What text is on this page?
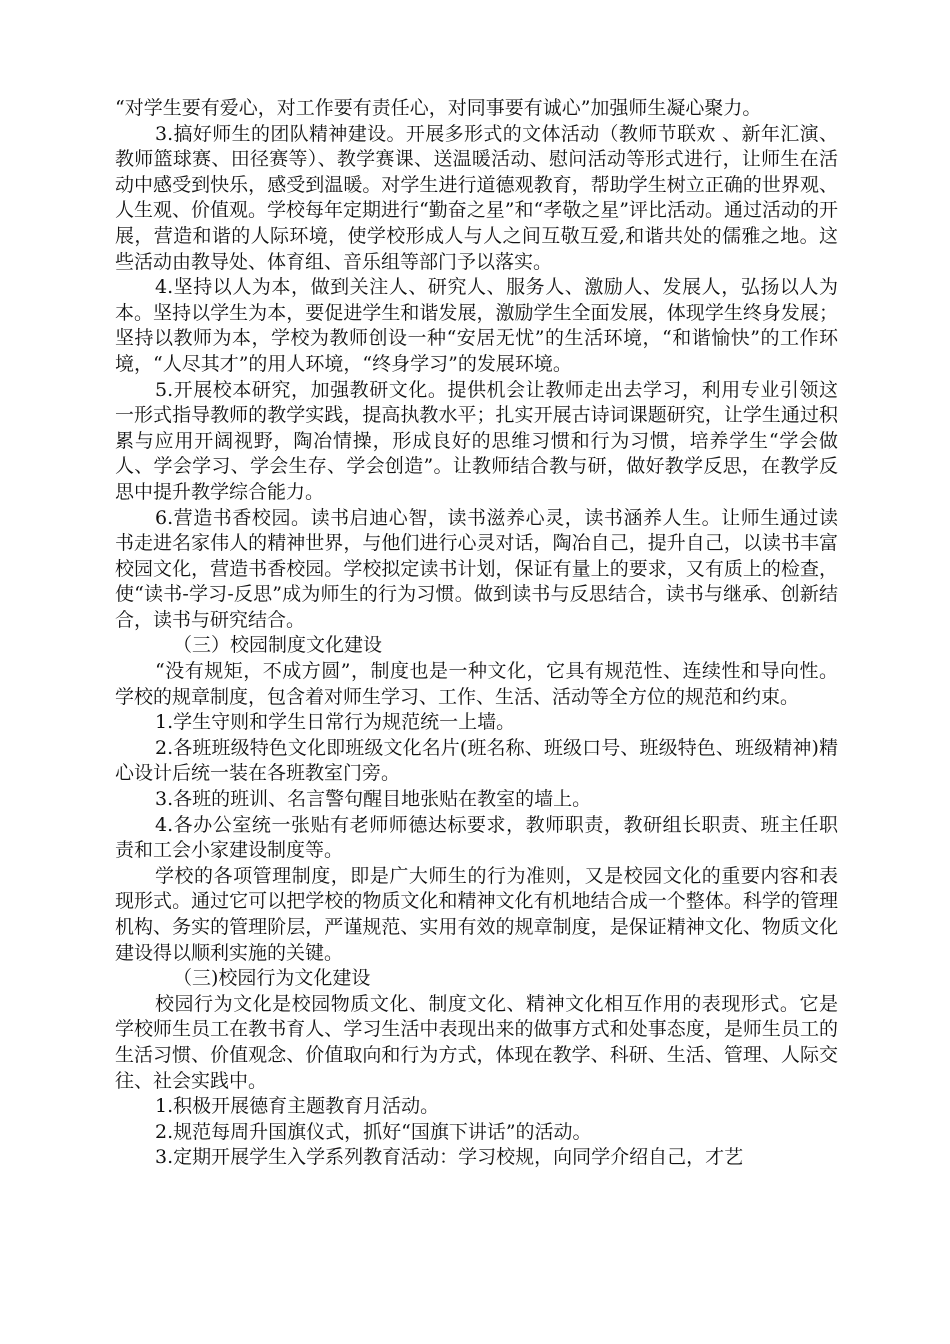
“对学生要有爱心，对工作要有责任心，对同事要有诚心”加强师生凝心聚力。

3.搞好师生的团队精神建设。开展多形式的文体活动（教师节联欢 、新年汇演、教师篮球赛、田径赛等）、教学赛课、送温暖活动、慰问活动等形式进行，让师生在活动中感受到快乐，感受到温暖。对学生进行道德观教育，帮助学生树立正确的世界观、人生观、价值观。学校每年定期进行“勤奋之星”和“孝敬之星”评比活动。通过活动的开展，营造和谐的人际环境，使学校形成人与人之间互敬互爱,和谐共处的儒雅之地。这些活动由教导处、体育组、音乐组等部门予以落实。

4.坚持以人为本，做到关注人、研究人、服务人、激励人、发展人，弘扬以人为本。坚持以学生为本，要促进学生和谐发展，激励学生全面发展，体现学生终身发展；坚持以教师为本，学校为教师创设一种“安居无忧”的生活环境，“和谐愉快”的工作环境，“人尽其才”的用人环境，“终身学习”的发展环境。

5.开展校本研究，加强教研文化。提供机会让教师走出去学习，利用专业引领这一形式指导教师的教学实践，提高执教水平；扎实开展古诗词课题研究，让学生通过积累与应用开阔视野，陶冶情操，形成良好的思维习惯和行为习惯，培养学生“学会做人、学会学习、学会生存、学会创造”。让教师结合教与研，做好教学反思，在教学反思中提升教学综合能力。

6.营造书香校园。读书启迪心智，读书滋养心灵，读书涵养人生。让师生通过读书走进名家伟人的精神世界，与他们进行心灵对话，陶冶自己，提升自己，以读书丰富校园文化，营造书香校园。学校拟定读书计划，保证有量上的要求，又有质上的检查，使“读书-学习-反思”成为师生的行为习惯。做到读书与反思结合，读书与继承、创新结合，读书与研究结合。

（三）校园制度文化建设

“没有规矩，不成方圆”，制度也是一种文化，它具有规范性、连续性和导向性。学校的规章制度，包含着对师生学习、工作、生活、活动等全方位的规范和约束。

1.学生守则和学生日常行为规范统一上墙。

2.各班班级特色文化即班级文化名片(班名称、班级口号、班级特色、班级精神)精心设计后统一装在各班教室门旁。

3.各班的班训、名言警句醒目地张贴在教室的墙上。

4.各办公室统一张贴有老师师德达标要求，教师职责，教研组长职责、班主任职责和工会小家建设制度等。

学校的各项管理制度，即是广大师生的行为准则，又是校园文化的重要内容和表现形式。通过它可以把学校的物质文化和精神文化有机地结合成一个整体。科学的管理机构、务实的管理阶层，严谨规范、实用有效的规章制度，是保证精神文化、物质文化建设得以顺利实施的关键。

（三)校园行为文化建设

校园行为文化是校园物质文化、制度文化、精神文化相互作用的表现形式。它是学校师生员工在教书育人、学习生活中表现出来的做事方式和处事态度，是师生员工的生活习惯、价值观念、价值取向和行为方式，体现在教学、科研、生活、管理、人际交往、社会实践中。

1.积极开展德育主题教育月活动。

2.规范每周升国旗仪式，抓好“国旗下讲话”的活动。

3.定期开展学生入学系列教育活动：学习校规，向同学介绍自己，才艺
